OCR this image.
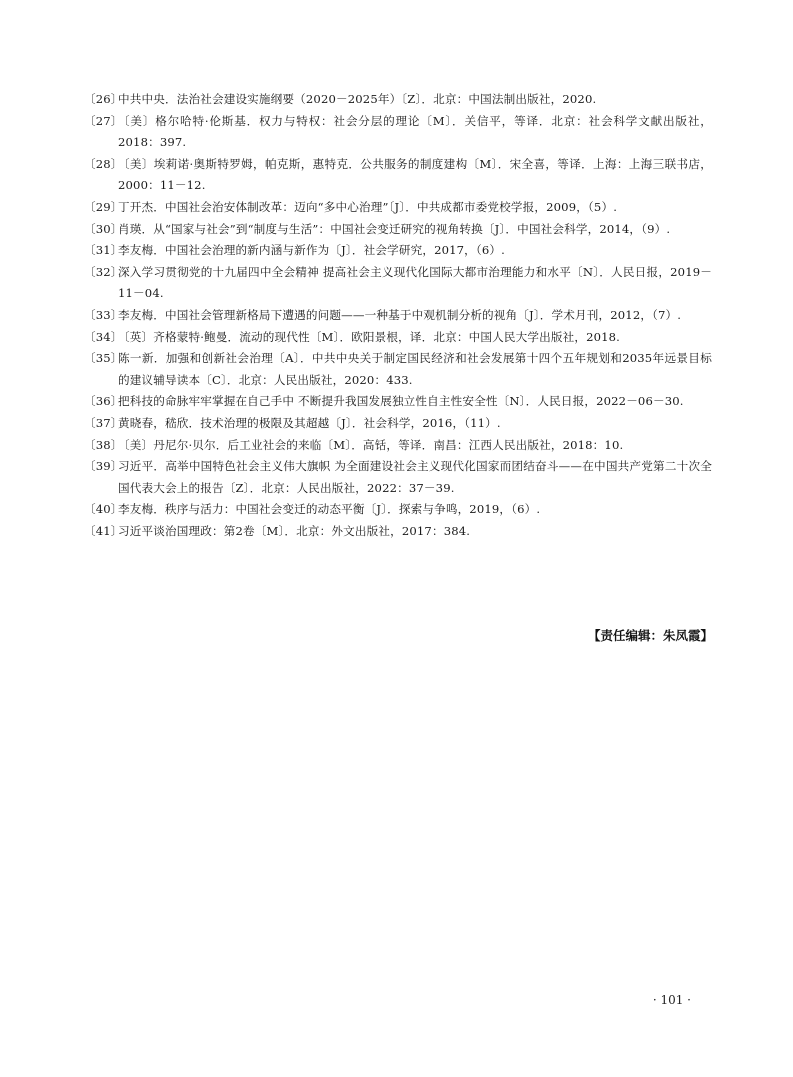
〔26〕
中共中央．法治社会建设实施纲要（2020－2025年）〔Z〕．北京：中国法制出版社，2020.
〔27〕
〔美〕格尔哈特·伦斯基．权力与特权：社会分层的理论〔M〕．关信平，等译．北京：社会科学文献出版社，2018：397.
〔28〕
〔美〕埃莉诺·奥斯特罗姆，帕克斯，惠特克．公共服务的制度建构〔M〕．宋全喜，等译．上海：上海三联书店，2000：11－12.
〔29〕
丁开杰．中国社会治安体制改革：迈向“多中心治理”〔J〕．中共成都市委党校学报，2009，（5）.
〔30〕
肖瑛．从“国家与社会”到“制度与生活”：中国社会变迁研究的视角转换〔J〕．中国社会科学，2014，（9）.
〔31〕
李友梅．中国社会治理的新内涵与新作为〔J〕．社会学研究，2017，（6）.
〔32〕
深入学习贯彻党的十九届四中全会精神 提高社会主义现代化国际大都市治理能力和水平〔N〕．人民日报，2019－11－04.
〔33〕
李友梅．中国社会管理新格局下遭遇的问题——一种基于中观机制分析的视角〔J〕．学术月刊，2012，（7）.
〔34〕
〔英〕齐格蒙特·鲍曼．流动的现代性〔M〕．欧阳景根，译．北京：中国人民大学出版社，2018.
〔35〕
陈一新．加强和创新社会治理〔A〕．中共中央关于制定国民经济和社会发展第十四个五年规划和2035年远景目标的建议辅导读本〔C〕．北京：人民出版社，2020：433.
〔36〕
把科技的命脉牢牢掌握在自己手中 不断提升我国发展独立性自主性安全性〔N〕．人民日报，2022－06－30.
〔37〕
黄晓春，嵇欣．技术治理的极限及其超越〔J〕．社会科学，2016，（11）.
〔38〕
〔美〕丹尼尔·贝尔．后工业社会的来临〔M〕．高铦，等译．南昌：江西人民出版社，2018：10.
〔39〕
习近平．高举中国特色社会主义伟大旗帜 为全面建设社会主义现代化国家而团结奋斗——在中国共产党第二十次全国代表大会上的报告〔Z〕．北京：人民出版社，2022：37－39.
〔40〕
李友梅．秩序与活力：中国社会变迁的动态平衡〔J〕．探索与争鸣，2019，（6）.
〔41〕
习近平谈治国理政：第2卷〔M〕．北京：外文出版社，2017：384.
【责任编辑：朱凤霞】
· 101 ·
